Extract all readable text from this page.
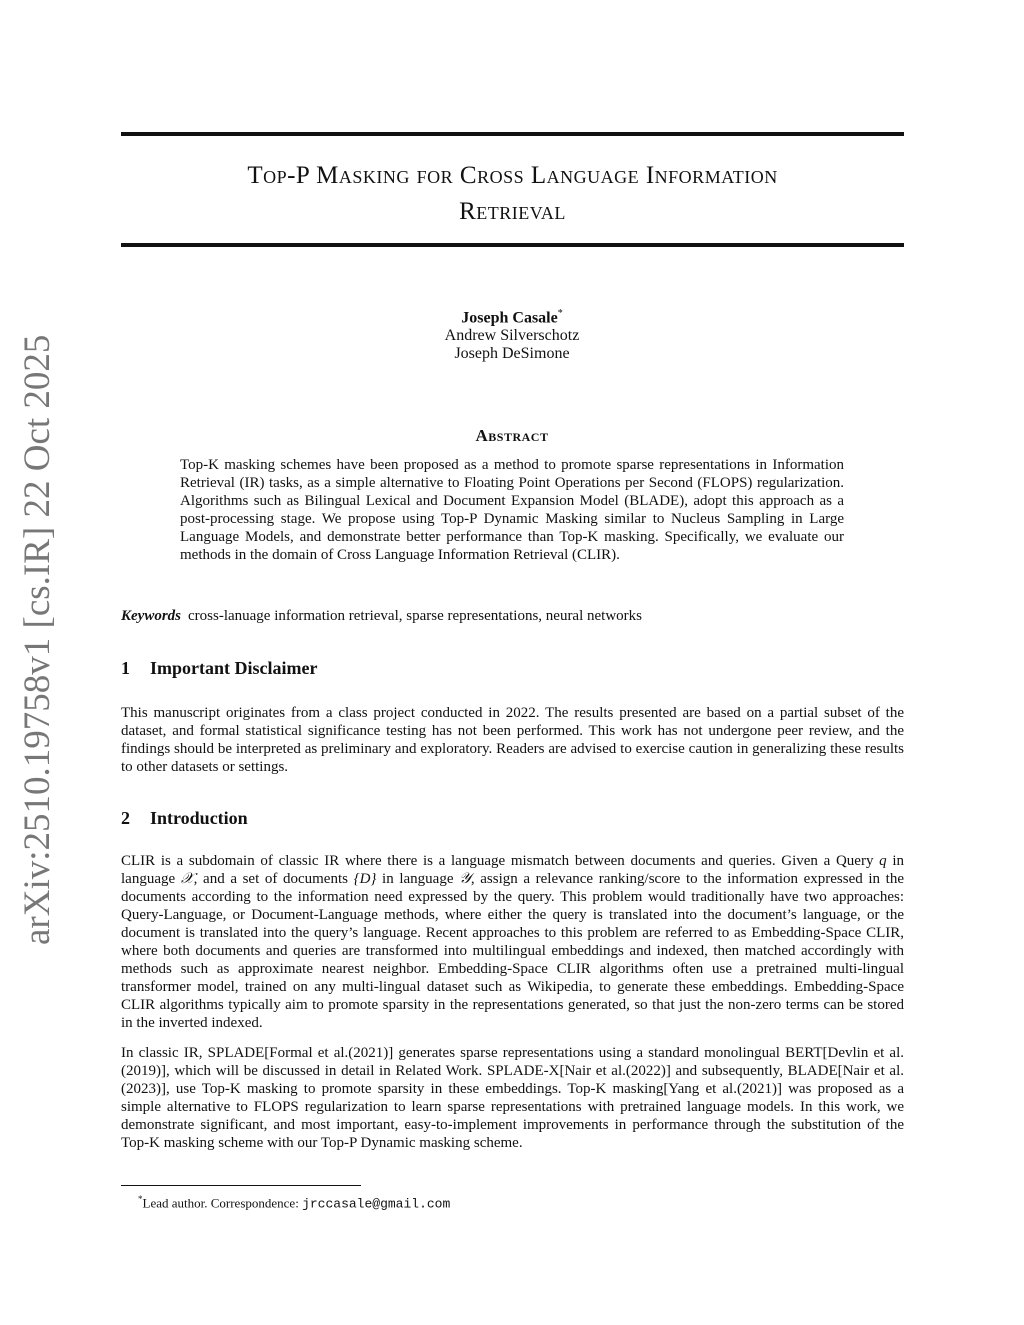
arXiv:2510.19758v1 [cs.IR] 22 Oct 2025
Top-P Masking for Cross Language Information
Retrieval
Joseph Casale*
Andrew Silverschotz
Joseph DeSimone
Abstract
Top-K masking schemes have been proposed as a method to promote sparse representations in Information Retrieval (IR) tasks, as a simple alternative to Floating Point Operations per Second (FLOPS) regularization. Algorithms such as Bilingual Lexical and Document Expansion Model (BLADE), adopt this approach as a post-processing stage. We propose using Top-P Dynamic Masking similar to Nucleus Sampling in Large Language Models, and demonstrate better performance than Top-K masking. Specifically, we evaluate our methods in the domain of Cross Language Information Retrieval (CLIR).
Keywords cross-lanuage information retrieval, sparse representations, neural networks
1 Important Disclaimer
This manuscript originates from a class project conducted in 2022. The results presented are based on a partial subset of the dataset, and formal statistical significance testing has not been performed. This work has not undergone peer review, and the findings should be interpreted as preliminary and exploratory. Readers are advised to exercise caution in generalizing these results to other datasets or settings.
2 Introduction
CLIR is a subdomain of classic IR where there is a language mismatch between documents and queries. Given a Query q in language 𝒳, and a set of documents {D} in language 𝒴, assign a relevance ranking/score to the information expressed in the documents according to the information need expressed by the query. This problem would traditionally have two approaches: Query-Language, or Document-Language methods, where either the query is translated into the document’s language, or the document is translated into the query’s language. Recent approaches to this problem are referred to as Embedding-Space CLIR, where both documents and queries are transformed into multilingual embeddings and indexed, then matched accordingly with methods such as approximate nearest neighbor. Embedding-Space CLIR algorithms often use a pretrained multi-lingual transformer model, trained on any multi-lingual dataset such as Wikipedia, to generate these embeddings. Embedding-Space CLIR algorithms typically aim to promote sparsity in the representations generated, so that just the non-zero terms can be stored in the inverted indexed.
In classic IR, SPLADE[Formal et al.(2021)] generates sparse representations using a standard monolingual BERT[Devlin et al.(2019)], which will be discussed in detail in Related Work. SPLADE-X[Nair et al.(2022)] and subsequently, BLADE[Nair et al.(2023)], use Top-K masking to promote sparsity in these embeddings. Top-K masking[Yang et al.(2021)] was proposed as a simple alternative to FLOPS regularization to learn sparse representations with pretrained language models. In this work, we demonstrate significant, and most important, easy-to-implement improvements in performance through the substitution of the Top-K masking scheme with our Top-P Dynamic masking scheme.
*Lead author. Correspondence: jrccasale@gmail.com
